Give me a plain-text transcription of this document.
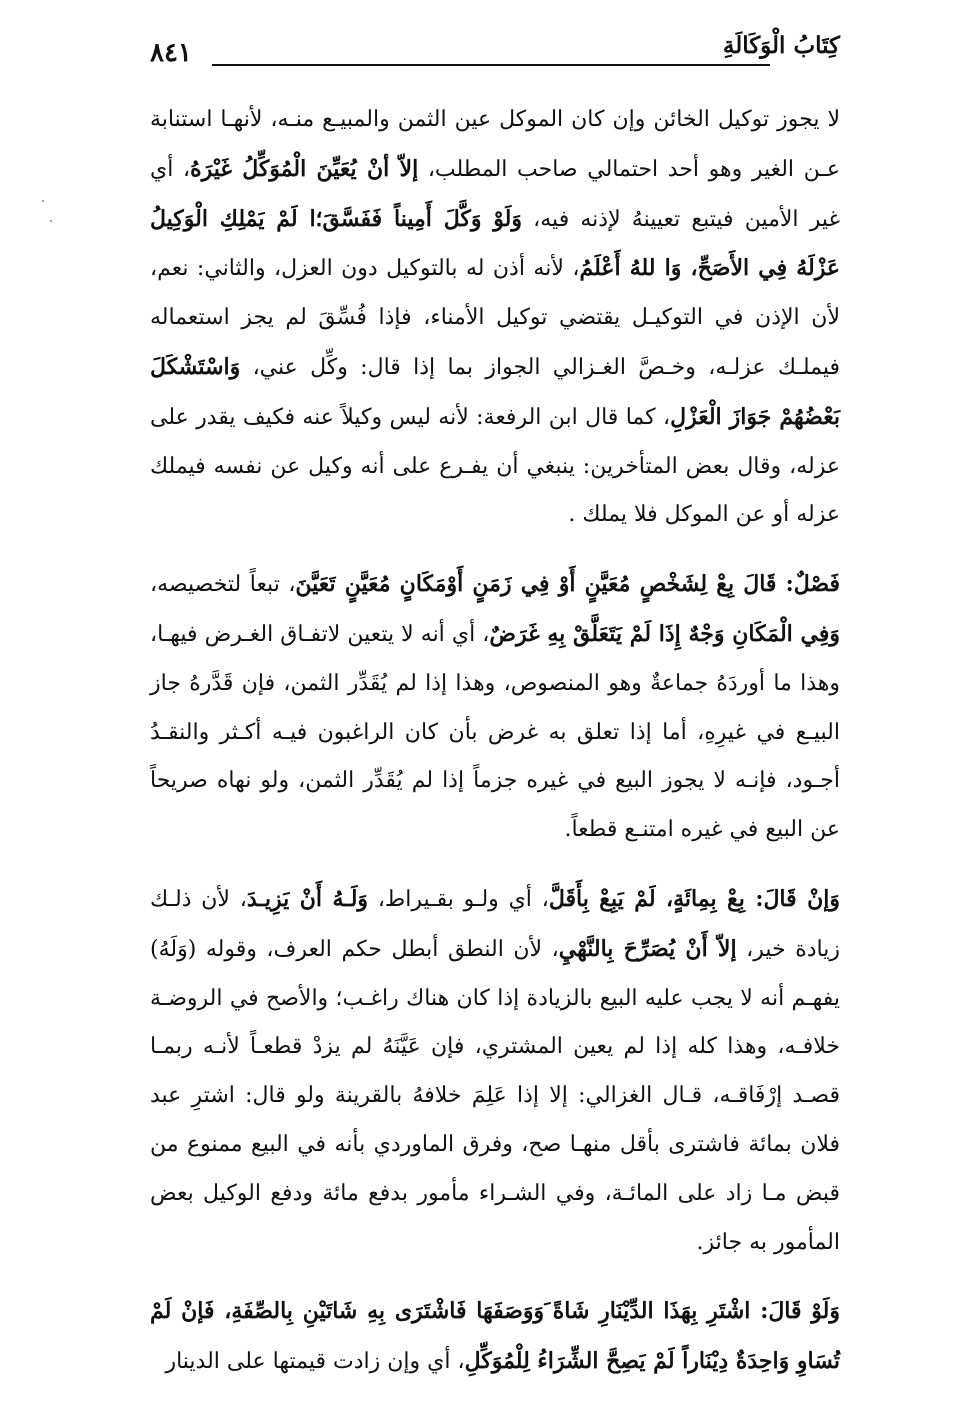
كِتَابُ الْوَكَالَةِ
٨٤١

لا يجوز توكيل الخائن وإن كان الموكل عين الثمن والمبيـع منـه، لأنهـا استنابة عـن الغير وهو أحد احتمالي صاحب المطلب، إلاّ أنْ يُعَيِّنَ الْمُوَكِّلُ غَيْرَهُ، أي غير الأمين فيتبع تعيينهُ لإذنه فيه، وَلَوْ وَكَّلَ أَمِيناً فَفَسَّقَ؛ا لَمْ يَمْلِكِ الْوَكِيلُ عَزْلَهُ فِي الأَصَحِّ، وَا للهُ أَعْلَمُ، لأنه أذن له بالتوكيل دون العزل، والثاني: نعم، لأن الإذن في التوكيـل يقتضي توكيل الأمناء، فإذا فُسِّقَ لم يجز استعماله فيملـك عزلـه، وخـصَّ الغـزالي الجواز بما إذا قال: وكِّل عني، وَاسْتَشْكَلَ بَعْضُهُمْ جَوَازَ الْعَزْلِ، كما قال ابن الرفعة: لأنه ليس وكيلاً عنه فكيف يقدر على عزله، وقال بعض المتأخرين: ينبغي أن يفـرع على أنه وكيل عن نفسه فيملك عزله أو عن الموكل فلا يملك .

فَصْلٌ: قَالَ بِعْ لِشَخْصٍ مُعَيَّنٍ أَوْ فِي زَمَنٍ أَوْمَكَانٍ مُعَيَّنٍ تَعَيَّنَ، تبعاً لتخصيصه، وَفِي الْمَكَانِ وَجْهٌ إِذَا لَمْ يَتَعَلَّقْ بِهِ غَرَضٌ، أي أنه لا يتعين لاتفـاق الغـرض فيهـا، وهذا ما أوردَهُ جماعةٌ وهو المنصوص، وهذا إذا لم يُقَدِّر الثمن، فإن قَدَّرهُ جاز البيـع في غيرِهِ، أما إذا تعلق به غرض بأن كان الراغبون فيـه أكـثر والنقـدُ أجـود، فإنـه لا يجوز البيع في غيره جزماً إذا لم يُقَدِّر الثمن، ولو نهاه صريحاً عن البيع في غيره امتنـع قطعاً.

وَإنْ قَالَ: بِعْ بِمِائَةٍ، لَمْ يَبِعْ بِأَقَلَّ، أي ولـو بقـيراط، وَلَـهُ أَنْ يَزِيـدَ، لأن ذلـك زيادة خير، إلاّ أَنْ يُصَرِّحَ بِالنَّهْيِ، لأن النطق أبطل حكم العرف، وقوله (وَلَهُ) يفهـم أنه لا يجب عليه البيع بالزيادة إذا كان هناك راغـب؛ والأصح في الروضـة خلافـه، وهذا كله إذا لم يعين المشتري، فإن عَيَّنَهُ لم يزدْ قطعـاً لأنـه ربمـا قصـد إرْفَاقـه، قـال الغزالي: إلا إذا عَلِمَ خلافهُ بالقرينة ولو قال: اشترِ عبد فلان بمائة فاشترى بأقل منهـا صح، وفرق الماوردي بأنه في البيع ممنوع من قبض مـا زاد على المائـة، وفي الشـراء مأمور بدفع مائة ودفع الوكيل بعض المأمور به جائز.

وَلَوْ قَالَ: اشْتَرِ بِهَذَا الدِّيْنَارِ شَاةً َوَوَصَفَهَا فَاشْتَرَى بِهِ شَاتَيْنِ بِالصِّفَةِ، فَإنْ لَمْ تُسَاوِ وَاحِدَةٌ دِيْنَاراً لَمْ يَصِحَّ الشِّرَاءُ لِلْمُوَكِّلِ، أي وإن زادت قيمتها على الدينار
